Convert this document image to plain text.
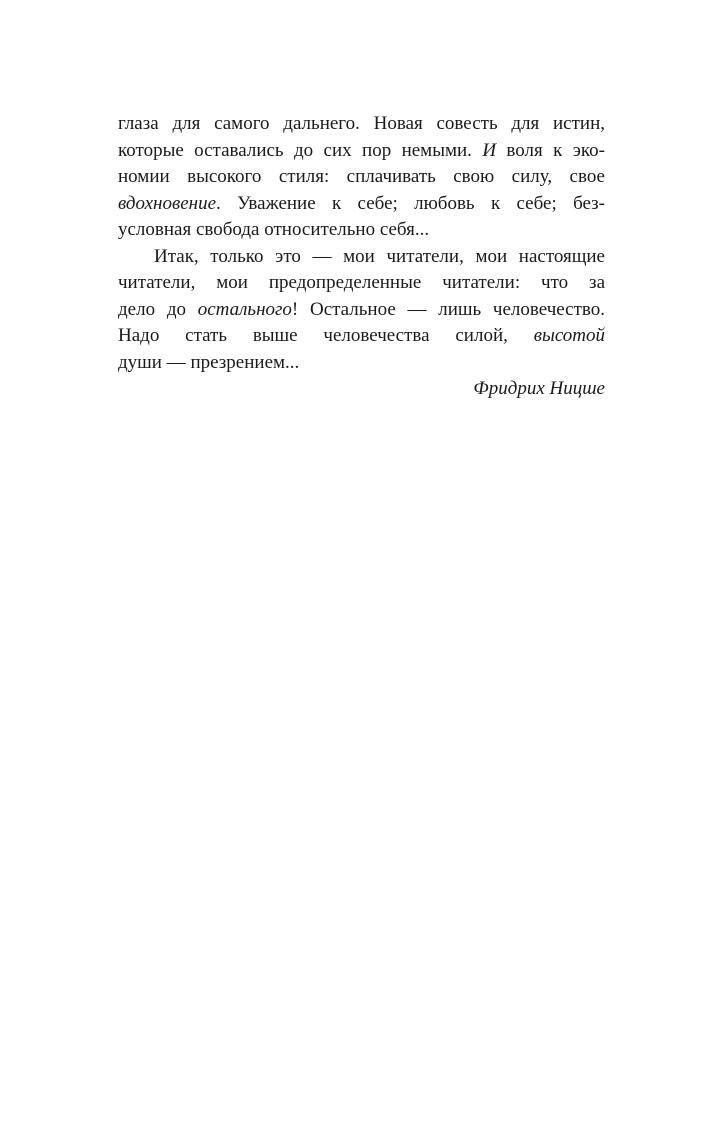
глаза для самого дальнего. Новая совесть для истин,
которые оставались до сих пор немыми. И воля к эко-
номии высокого стиля: сплачивать свою силу, свое
вдохновение. Уважение к себе; любовь к себе; без-
условная свобода относительно себя...
Итак, только это — мои читатели, мои настоящие
читатели, мои предопределенные читатели: что за
дело до остального! Остальное — лишь человечество.
Надо стать выше человечества силой, высотой
души — презрением...
Фридрих Ницше
